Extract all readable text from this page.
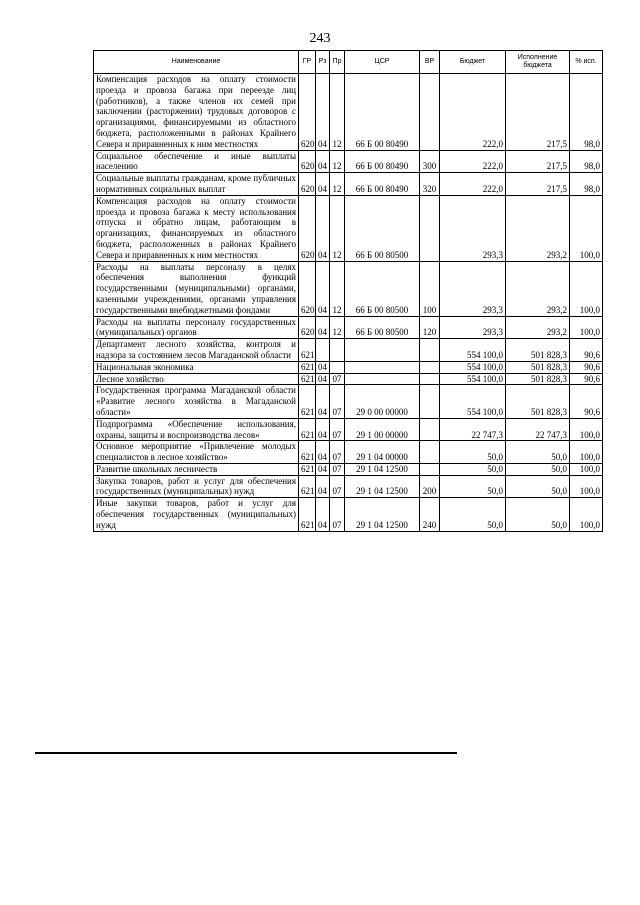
243
Наименование	ГР	Рз	Пр	ЦСР	ВР	Бюджет	Исполнение бюджета	% исп.
Компенсация расходов на оплату стоимости проезда и провоза багажа при переезде лиц (работников), а также членов их семей при заключении (расторжении) трудовых договоров с организациями, финансируемыми из областного бюджета, расположенными в районах Крайнего Севера и приравненных к ним местностях	620	04	12	66 Б 00 80490		222,0	217,5	98,0
Социальное обеспечение и иные выплаты населению	620	04	12	66 Б 00 80490	300	222,0	217,5	98,0
Социальные выплаты гражданам, кроме публичных нормативных социальных выплат	620	04	12	66 Б 00 80490	320	222,0	217,5	98,0
Компенсация расходов на оплату стоимости проезда и провоза багажа к месту использования отпуска и обратно лицам, работающим в организациях, финансируемых из областного бюджета, расположенных в районах Крайнего Севера и приравненных к ним местностях	620	04	12	66 Б 00 80500		293,3	293,2	100,0
Расходы на выплаты персоналу в целях обеспечения выполнения функций государственными (муниципальными) органами, казенными учреждениями, органами управления государственными внебюджетными фондами	620	04	12	66 Б 00 80500	100	293,3	293,2	100,0
Расходы на выплаты персоналу государственных (муниципальных) органов	620	04	12	66 Б 00 80500	120	293,3	293,2	100,0
Департамент лесного хозяйства, контроля и надзора за состоянием лесов Магаданской области	621					554 100,0	501 828,3	90,6
Национальная экономика	621	04				554 100,0	501 828,3	90,6
Лесное хозяйство	621	04	07			554 100,0	501 828,3	90,6
Государственная программа Магаданской области «Развитие лесного хозяйства в Магаданской области»	621	04	07	29 0 00 00000		554 100,0	501 828,3	90,6
Подпрограмма «Обеспечение использования, охраны, защиты и воспроизводства лесов»	621	04	07	29 1 00 00000		22 747,3	22 747,3	100,0
Основное мероприятие «Привлечение молодых специалистов в лесное хозяйство»	621	04	07	29 1 04 00000		50,0	50,0	100,0
Развитие школьных лесничеств	621	04	07	29 1 04 12500		50,0	50,0	100,0
Закупка товаров, работ и услуг для обеспечения государственных (муниципальных) нужд	621	04	07	29 1 04 12500	200	50,0	50,0	100,0
Иные закупки товаров, работ и услуг для обеспечения государственных (муниципальных) нужд	621	04	07	29 1 04 12500	240	50,0	50,0	100,0
